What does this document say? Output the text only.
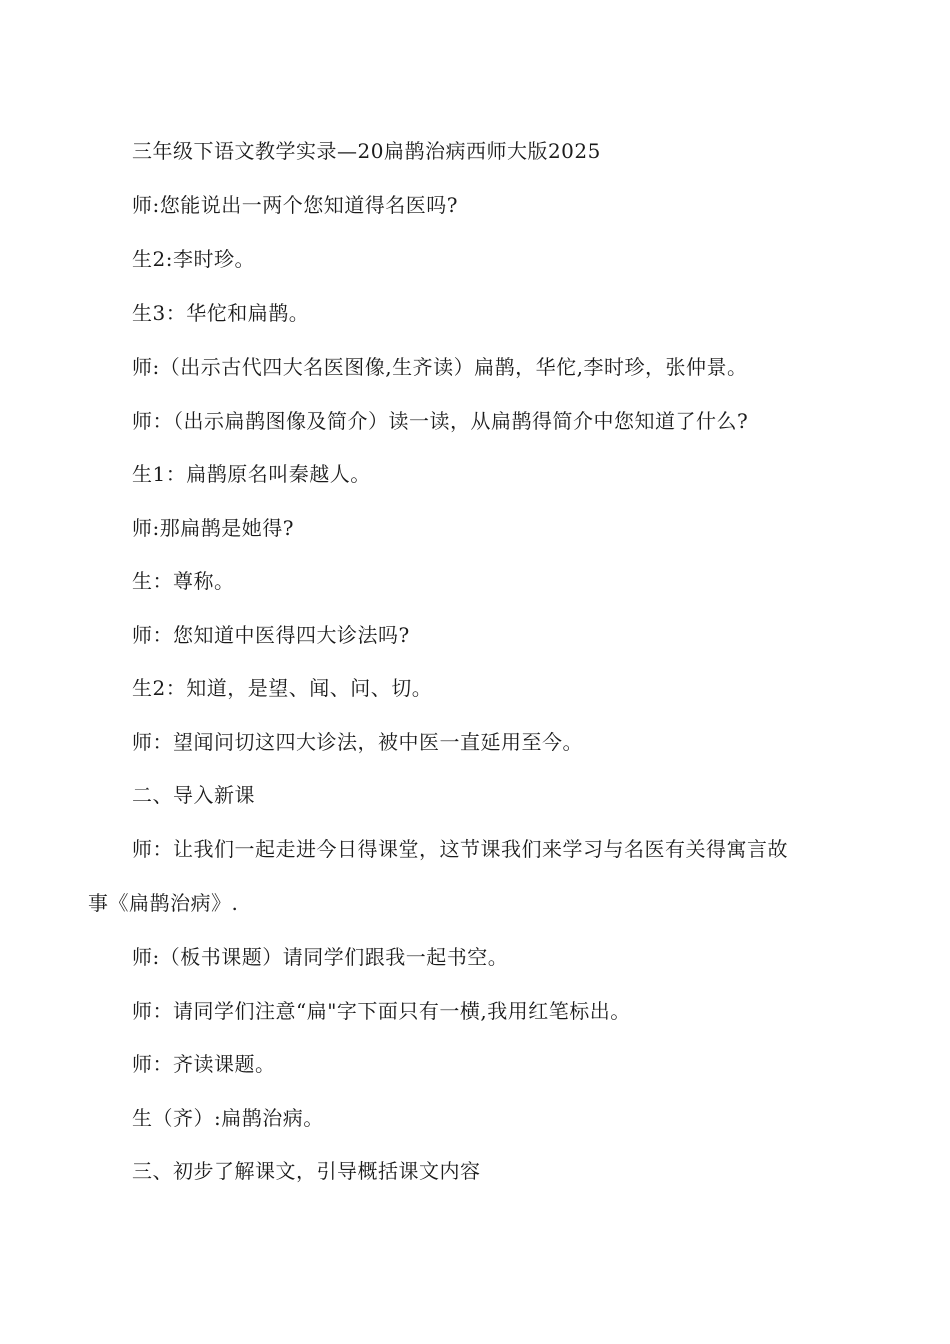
三年级下语文教学实录—20扁鹊治病西师大版2025
师:您能说出一两个您知道得名医吗?
生2:李时珍。
生3：华佗和扁鹊。
师:（出示古代四大名医图像,生齐读）扁鹊，华佗,李时珍，张仲景。
师：（出示扁鹊图像及简介）读一读，从扁鹊得简介中您知道了什么?
生1：扁鹊原名叫秦越人。
师:那扁鹊是她得?
生：尊称。
师：您知道中医得四大诊法吗?
生2：知道，是望、闻、问、切。
师：望闻问切这四大诊法，被中医一直延用至今。
二、导入新课
师：让我们一起走进今日得课堂，这节课我们来学习与名医有关得寓言故
事《扁鹊治病》.
师:（板书课题）请同学们跟我一起书空。
师：请同学们注意“扁"字下面只有一横,我用红笔标出。
师：齐读课题。
生（齐）:扁鹊治病。
三、初步了解课文，引导概括课文内容
